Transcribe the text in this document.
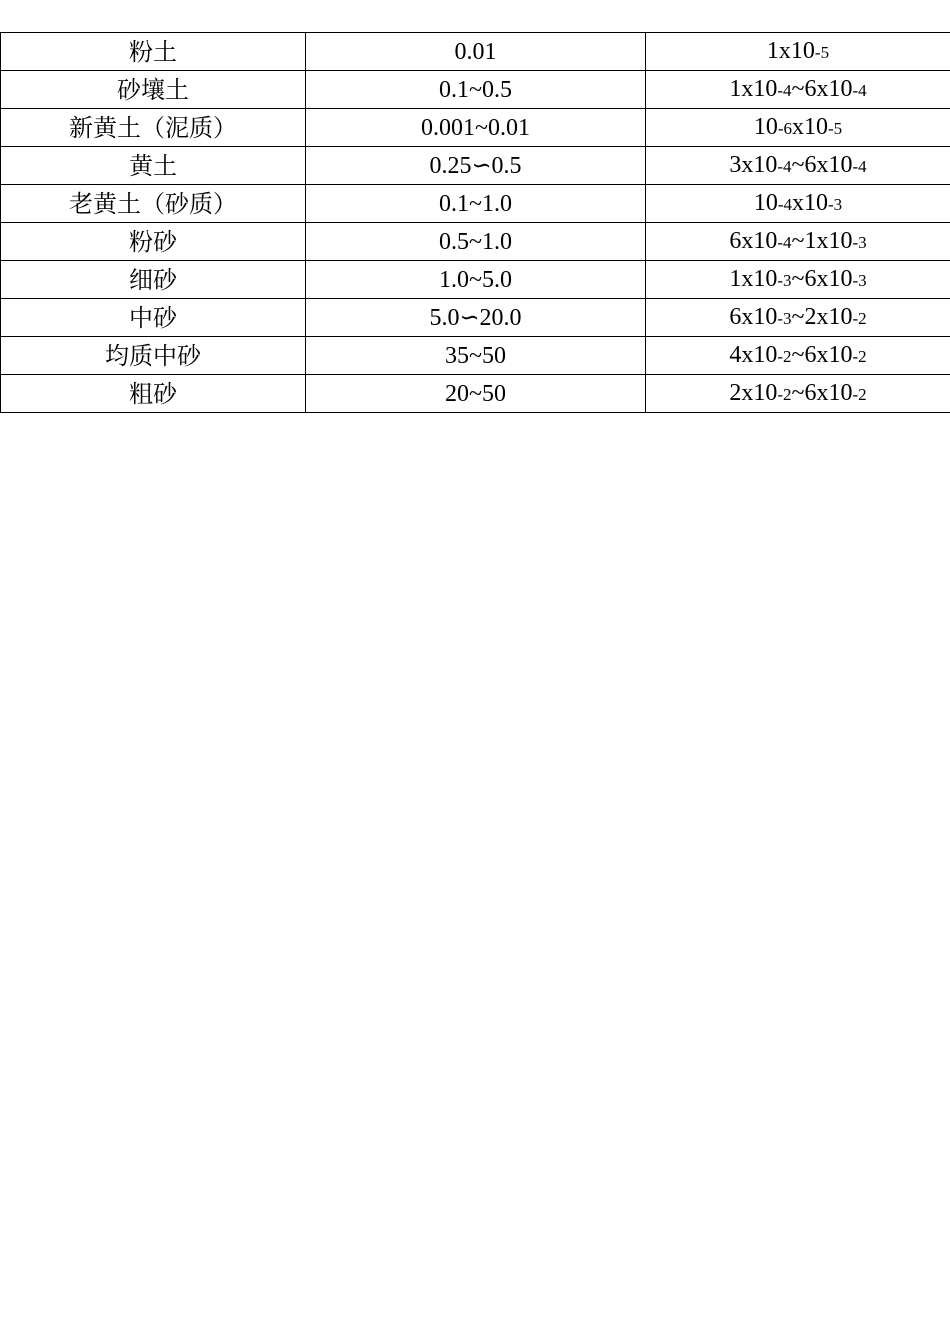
粉土	0.01	1x10-5
砂壤土	0.1~0.5	1x10-4~6x10-4
新黄土（泥质）	0.001~0.01	10-6x10-5
黄土	0.25∽0.5	3x10-4~6x10-4
老黄土（砂质）	0.1~1.0	10-4x10-3
粉砂	0.5~1.0	6x10-4~1x10-3
细砂	1.0~5.0	1x10-3~6x10-3
中砂	5.0∽20.0	6x10-3~2x10-2
均质中砂	35~50	4x10-2~6x10-2
粗砂	20~50	2x10-2~6x10-2
